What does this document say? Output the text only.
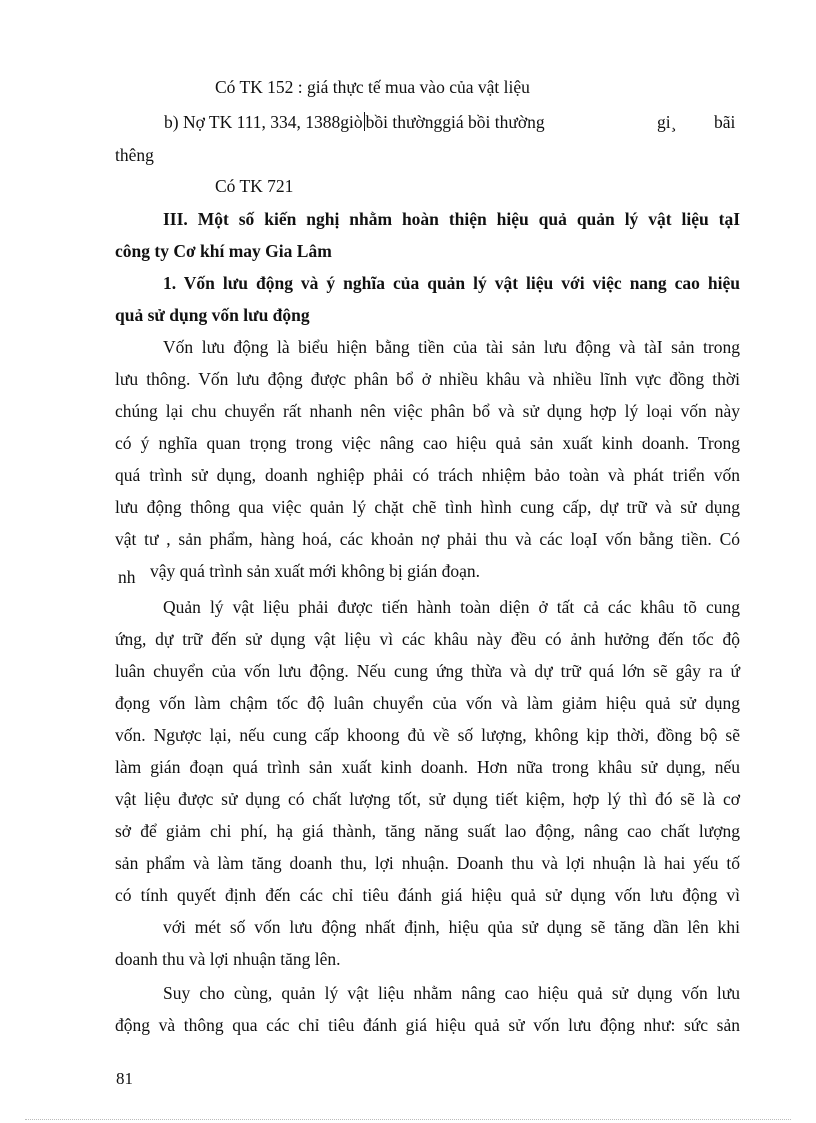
Có TK 152 : giá thực tế mua vào của vật liệu
b) Nợ TK 111, 334, 1388giò bồi thườnggiá bồi thường	gi¸ bãi
thêng
Có TK 721
III. Một số kiến nghị nhằm hoàn thiện hiệu quả quản lý vật liệu tạI
công ty Cơ khí may Gia Lâm
1. Vốn lưu động và ý nghĩa của quản lý vật liệu với việc nang cao hiệu
quả sử dụng vốn lưu động
Vốn lưu động là biểu hiện bằng tiền của tài sản lưu động và tàI sản trong
lưu thông. Vốn lưu động được phân bổ ở nhiều khâu và nhiều lĩnh vực đồng thời
chúng lại chu chuyển rất nhanh nên việc phân bổ và sử dụng hợp lý loại vốn này
có ý nghĩa quan trọng trong việc nâng cao hiệu quả sản xuất kinh doanh. Trong
quá trình sử dụng, doanh nghiệp phải có trách nhiệm bảo toàn và phát triển vốn
lưu động thông qua việc quản lý chặt chẽ tình hình cung cấp, dự trữ và sử dụng
vật tư , sản phẩm, hàng hoá, các khoản nợ phải thu và các loạI vốn bằng tiền. Có
nh vậy quá trình sản xuất mới không bị gián đoạn.
Quản lý vật liệu phải được tiến hành toàn diện ở tất cả các khâu tõ cung
ứng, dự trữ đến sử dụng vật liệu vì các khâu này đều có ảnh hưởng đến tốc độ
luân chuyển của vốn lưu động. Nếu cung ứng thừa và dự trữ quá lớn sẽ gây ra ứ
đọng vốn làm chậm tốc độ luân chuyển của vốn và làm giảm hiệu quả sử dụng
vốn. Ngược lại, nếu cung cấp khoong đủ về số lượng, không kịp thời, đồng bộ sẽ
làm gián đoạn quá trình sản xuất kinh doanh. Hơn nữa trong khâu sử dụng, nếu
vật liệu được sử dụng có chất lượng tốt, sử dụng tiết kiệm, hợp lý thì đó sẽ là cơ
sở để giảm chi phí, hạ giá thành, tăng năng suất lao động, nâng cao chất lượng
sản phẩm và làm tăng doanh thu, lợi nhuận. Doanh thu và lợi nhuận là hai yếu tố
có tính quyết định đến các chỉ tiêu đánh giá hiệu quả sử dụng vốn lưu động vì
với mét số vốn lưu động nhất định, hiệu qủa sử dụng sẽ tăng dần lên khi
doanh thu và lợi nhuận tăng lên.
Suy cho cùng, quản lý vật liệu nhằm nâng cao hiệu quả sử dụng vốn lưu
động và thông qua các chỉ tiêu đánh giá hiệu quả sử vốn lưu động như: sức sản
81
